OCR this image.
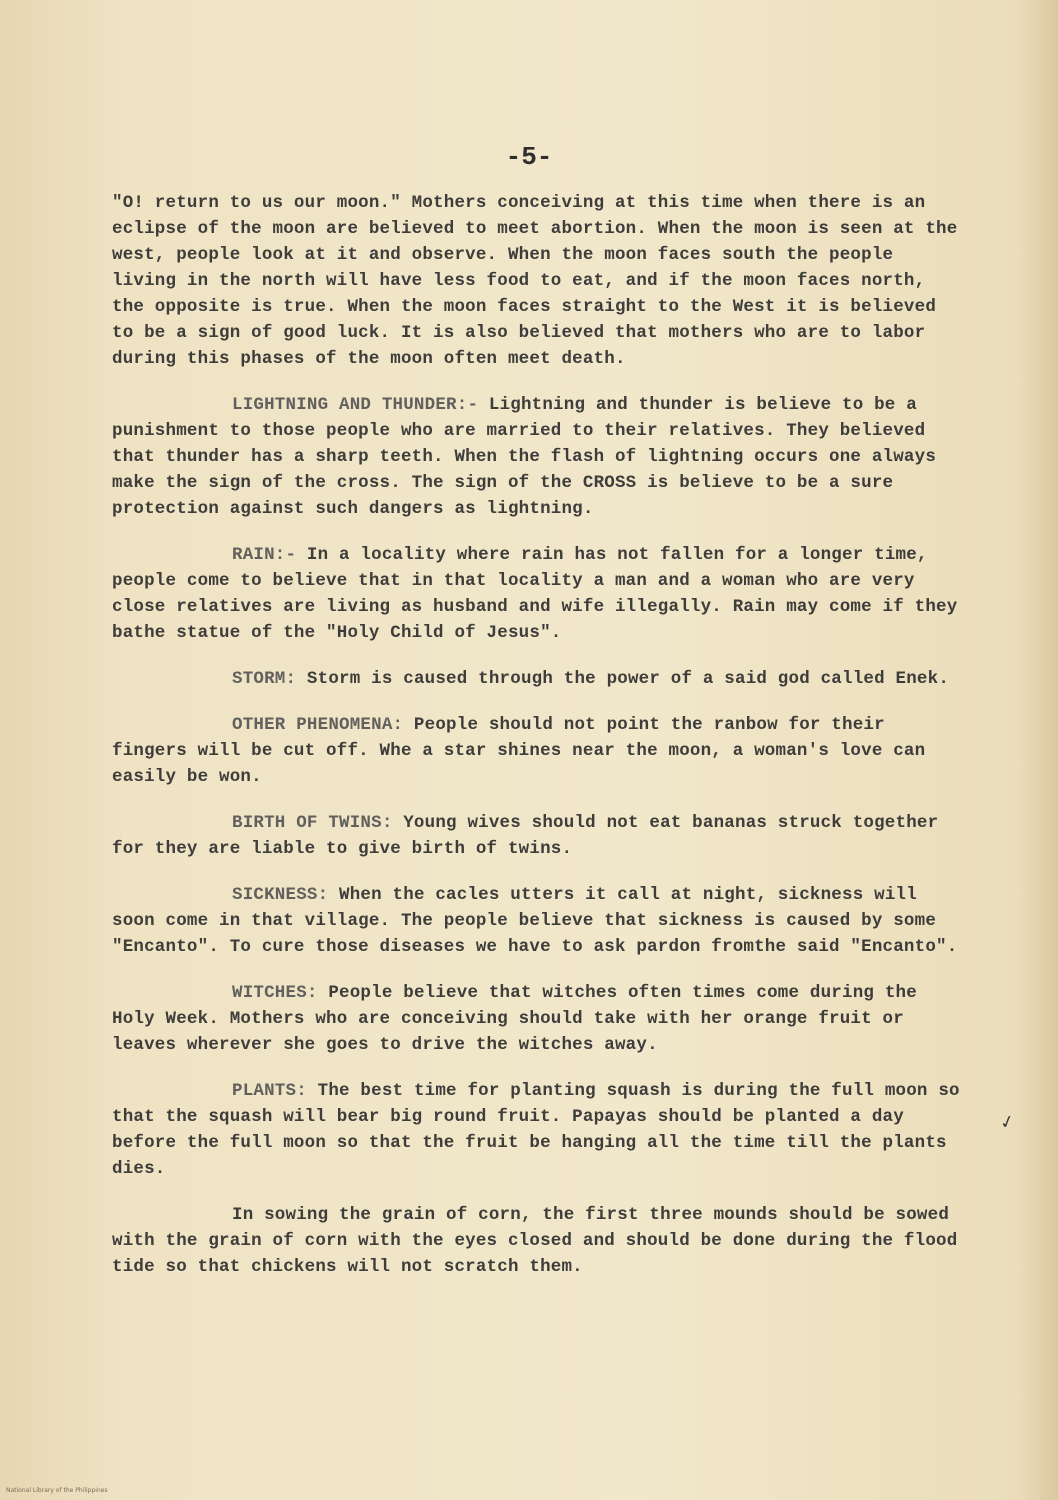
-5-

"O! return to us our moon." Mothers conceiving at this time when there is an eclipse of the moon are believed to meet abortion. When the moon is seen at the west, people look at it and observe. When the moon faces south the people living in the north will have less food to eat, and if the moon faces north, the opposite is true. When the moon faces straight to the West it is believed to be a sign of good luck. It is also believed that mothers who are to labor during this phases of the moon often meet death.

LIGHTNING AND THUNDER:- Lightning and thunder is believe to be a punishment to those people who are married to their relatives. They believed that thunder has a sharp teeth. When the flash of lightning occurs one always make the sign of the cross. The sign of the CROSS is believe to be a sure protection against such dangers as lightning.

RAIN:- In a locality where rain has not fallen for a longer time, people come to believe that in that locality a man and a woman who are very close relatives are living as husband and wife illegally. Rain may come if they bathe statue of the "Holy Child of Jesus".

STORM: Storm is caused through the power of a said god called Enek.

OTHER PHENOMENA: People should not point the ranbow for their fingers will be cut off. Whe a star shines near the moon, a woman's love can easily be won.

BIRTH OF TWINS: Young wives should not eat bananas struck together for they are liable to give birth of twins.

SICKNESS: When the cacles utters it call at night, sickness will soon come in that village. The people believe that sickness is caused by some "Encanto". To cure those diseases we have to ask pardon fromthe said "Encanto".

WITCHES: People believe that witches often times come during the Holy Week. Mothers who are conceiving should take with her orange fruit or leaves wherever she goes to drive the witches away.

PLANTS: The best time for planting squash is during the full moon so that the squash will bear big round fruit. Papayas should be planted a day before the full moon so that the fruit be hanging all the time till the plants dies.

In sowing the grain of corn, the first three mounds should be sowed with the grain of corn with the eyes closed and should be done during the flood tide so that chickens will not scratch them.

✓
National Library of the Philippines
